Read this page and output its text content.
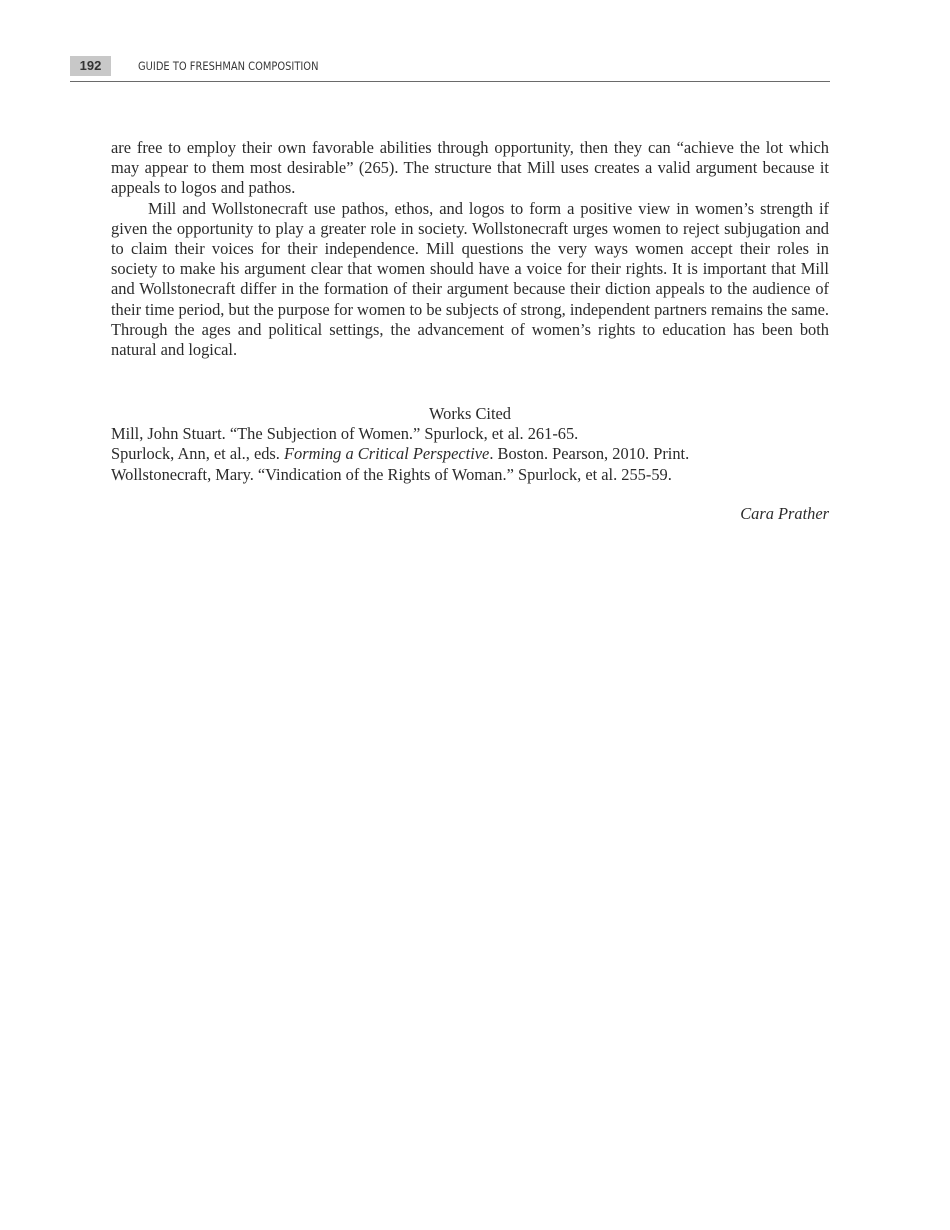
192	GUIDE TO FRESHMAN COMPOSITION

are free to employ their own favorable abilities through opportunity, then they can “achieve the lot which may appear to them most desirable” (265). The structure that Mill uses creates a valid argument because it appeals to logos and pathos.

Mill and Wollstonecraft use pathos, ethos, and logos to form a positive view in women’s strength if given the opportunity to play a greater role in society. Wollstonecraft urges women to reject subjugation and to claim their voices for their independence. Mill questions the very ways women accept their roles in society to make his argument clear that women should have a voice for their rights. It is important that Mill and Wollstonecraft differ in the formation of their argument because their diction appeals to the audience of their time period, but the purpose for women to be subjects of strong, independent partners remains the same. Through the ages and political settings, the advancement of women’s rights to education has been both natural and logical.

Works Cited

Mill, John Stuart. “The Subjection of Women.” Spurlock, et al. 261-65.

Spurlock, Ann, et al., eds. Forming a Critical Perspective. Boston. Pearson, 2010. Print.

Wollstonecraft, Mary. “Vindication of the Rights of Woman.” Spurlock, et al. 255-59.

Cara Prather
